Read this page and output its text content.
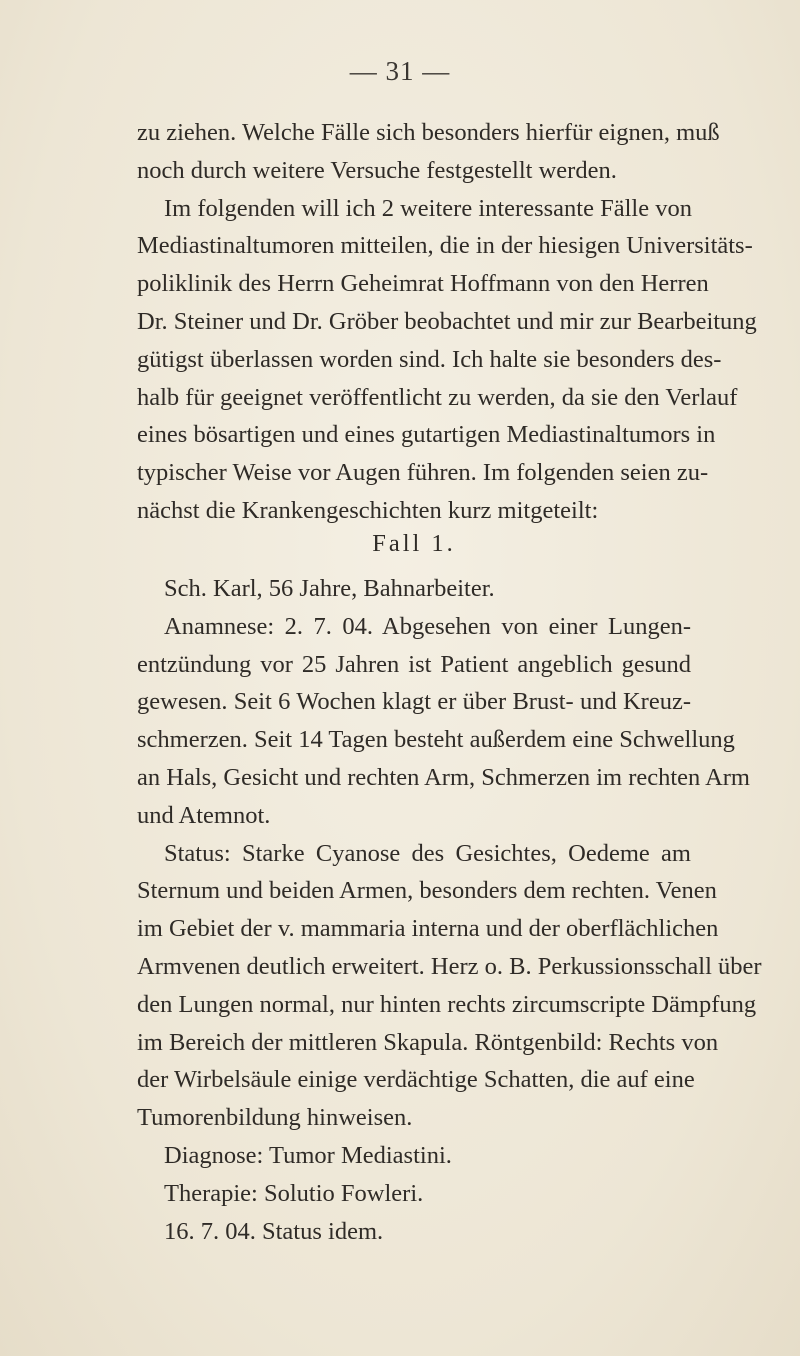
— 31 —
zu ziehen. Welche Fälle sich besonders hierfür eignen, muß
noch durch weitere Versuche festgestellt werden.
Im folgenden will ich 2 weitere interessante Fälle von
Mediastinaltumoren mitteilen, die in der hiesigen Universitäts-
poliklinik des Herrn Geheimrat Hoffmann von den Herren
Dr. Steiner und Dr. Gröber beobachtet und mir zur Bearbeitung
gütigst überlassen worden sind. Ich halte sie besonders des-
halb für geeignet veröffentlicht zu werden, da sie den Verlauf
eines bösartigen und eines gutartigen Mediastinaltumors in
typischer Weise vor Augen führen. Im folgenden seien zu-
nächst die Krankengeschichten kurz mitgeteilt:
Fall 1.
Sch. Karl, 56 Jahre, Bahnarbeiter.
Anamnese: 2. 7. 04. Abgesehen von einer Lungen-
entzündung vor 25 Jahren ist Patient angeblich gesund
gewesen. Seit 6 Wochen klagt er über Brust- und Kreuz-
schmerzen. Seit 14 Tagen besteht außerdem eine Schwellung
an Hals, Gesicht und rechten Arm, Schmerzen im rechten Arm
und Atemnot.
Status: Starke Cyanose des Gesichtes, Oedeme am
Sternum und beiden Armen, besonders dem rechten. Venen
im Gebiet der v. mammaria interna und der oberflächlichen
Armvenen deutlich erweitert. Herz o. B. Perkussionsschall über
den Lungen normal, nur hinten rechts zircumscripte Dämpfung
im Bereich der mittleren Skapula. Röntgenbild: Rechts von
der Wirbelsäule einige verdächtige Schatten, die auf eine
Tumorenbildung hinweisen.
Diagnose: Tumor Mediastini.
Therapie: Solutio Fowleri.
16. 7. 04. Status idem.
